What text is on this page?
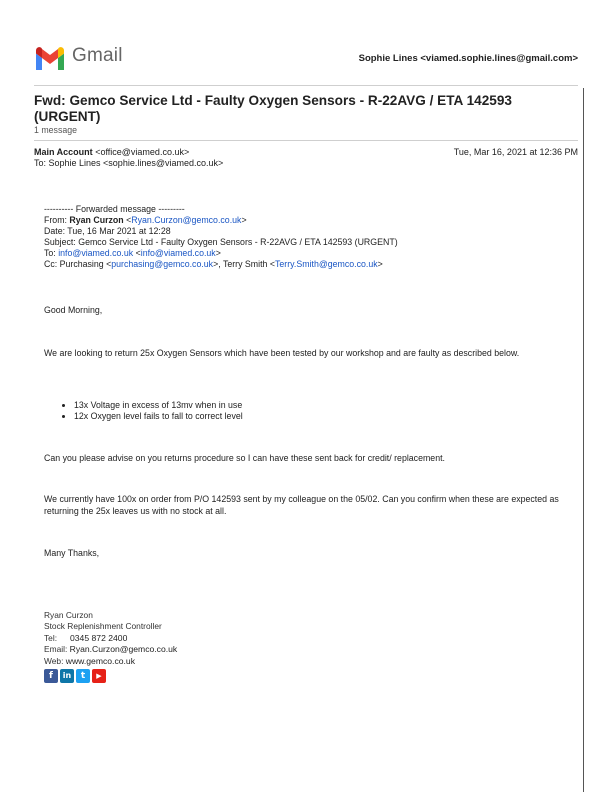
Gmail	Sophie Lines <viamed.sophie.lines@gmail.com>
Fwd: Gemco Service Ltd - Faulty Oxygen Sensors - R-22AVG / ETA 142593 (URGENT)
1 message
Main Account <office@viamed.co.uk>	Tue, Mar 16, 2021 at 12:36 PM
To: Sophie Lines <sophie.lines@viamed.co.uk>
---------- Forwarded message ---------
From: Ryan Curzon <Ryan.Curzon@gemco.co.uk>
Date: Tue, 16 Mar 2021 at 12:28
Subject: Gemco Service Ltd - Faulty Oxygen Sensors - R-22AVG / ETA 142593 (URGENT)
To: info@viamed.co.uk <info@viamed.co.uk>
Cc: Purchasing <purchasing@gemco.co.uk>, Terry Smith <Terry.Smith@gemco.co.uk>
Good Morning,
We are looking to return 25x Oxygen Sensors which have been tested by our workshop and are faulty as described below.
• 13x Voltage in excess of 13mv when in use
• 12x Oxygen level fails to fall to correct level
Can you please advise on you returns procedure so I can have these sent back for credit/ replacement.
We currently have 100x on order from P/O 142593 sent by my colleague on the 05/02. Can you confirm when these are expected as returning the 25x leaves us with no stock at all.
Many Thanks,
Ryan Curzon
Stock Replenishment Controller
Tel: 0345 872 2400
Email: Ryan.Curzon@gemco.co.uk
Web: www.gemco.co.uk
f in t ▶
